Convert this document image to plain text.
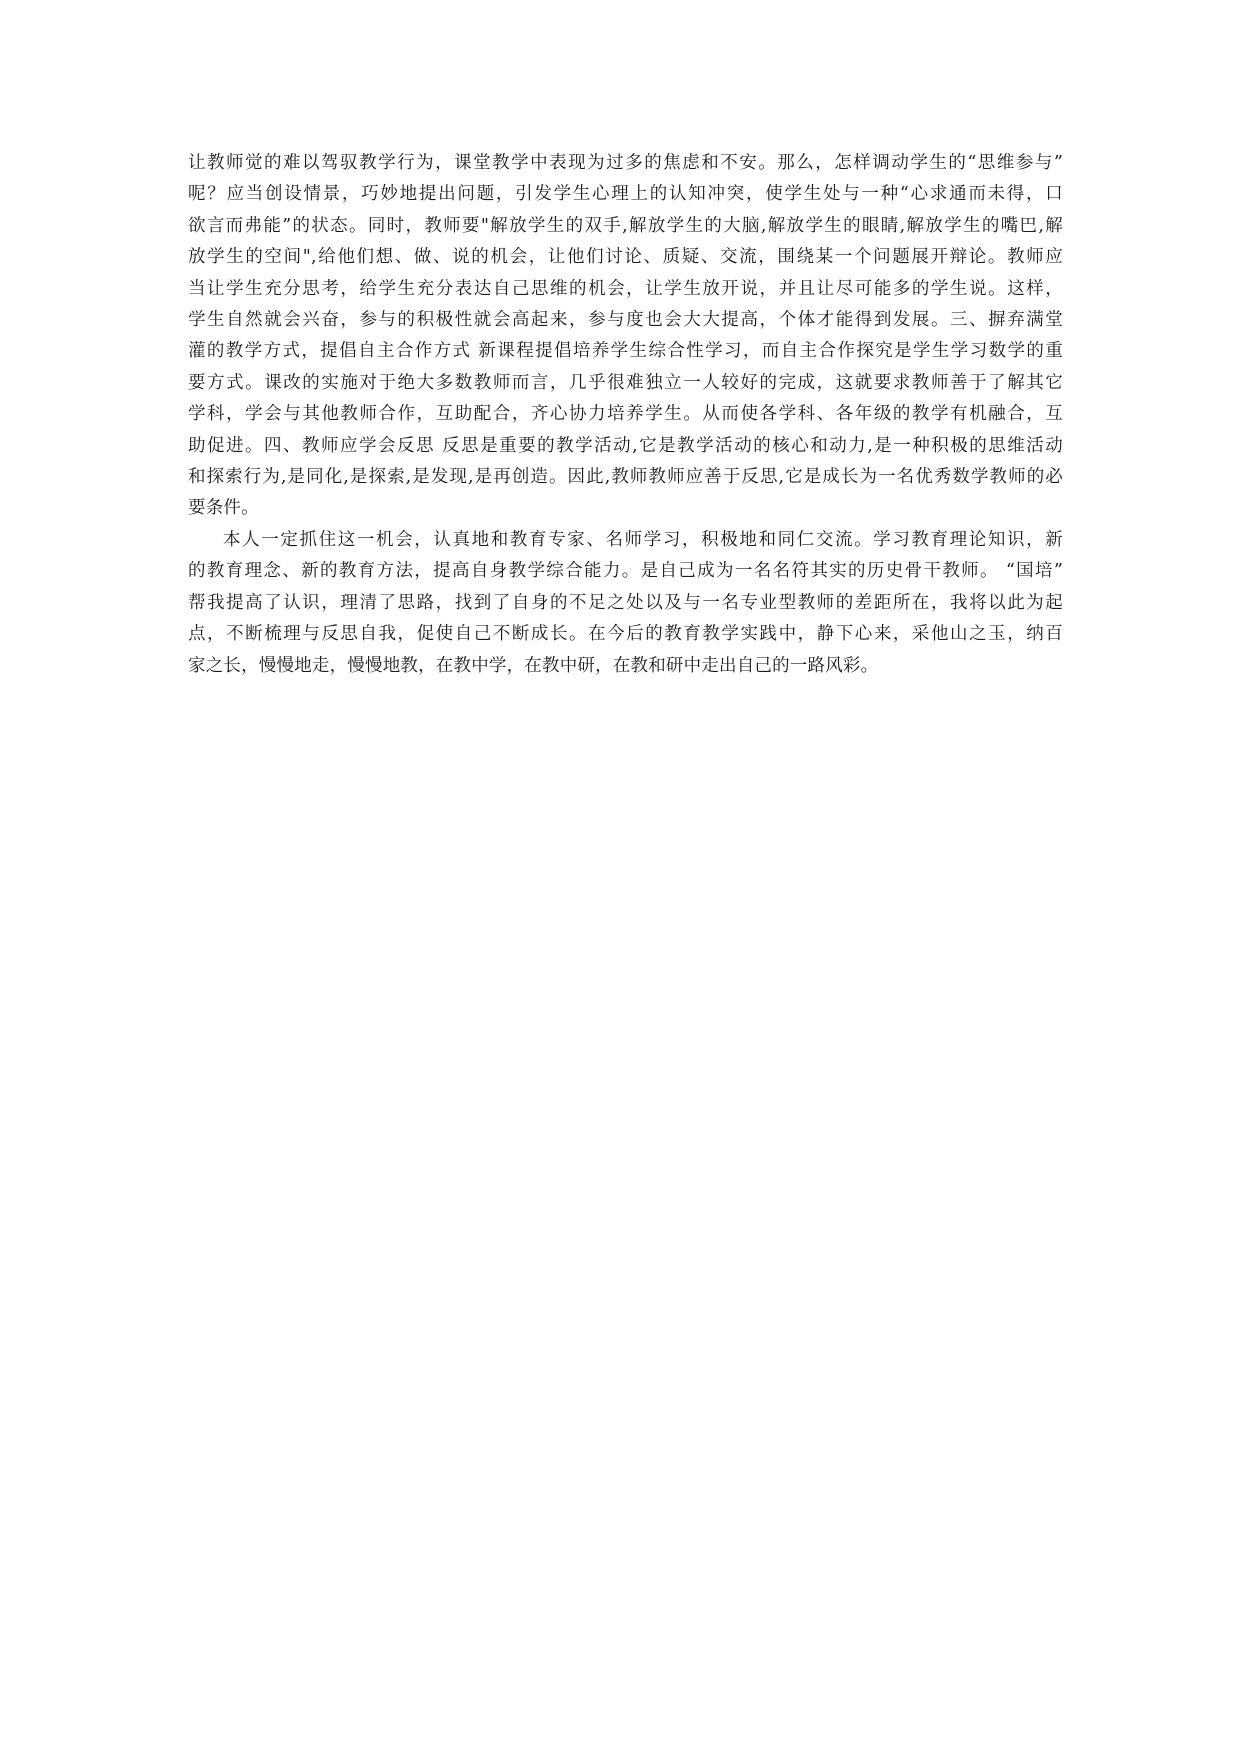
让教师觉的难以驾驭教学行为，课堂教学中表现为过多的焦虑和不安。那么，怎样调动学生的“思维参与”
呢？应当创设情景，巧妙地提出问题，引发学生心理上的认知冲突，使学生处与一种“心求通而未得，口
欲言而弗能”的状态。同时，教师要"解放学生的双手,解放学生的大脑,解放学生的眼睛,解放学生的嘴巴,解
放学生的空间",给他们想、做、说的机会，让他们讨论、质疑、交流，围绕某一个问题展开辩论。教师应
当让学生充分思考，给学生充分表达自己思维的机会，让学生放开说，并且让尽可能多的学生说。这样，
学生自然就会兴奋，参与的积极性就会高起来，参与度也会大大提高，个体才能得到发展。三、摒弃满堂
灌的教学方式，提倡自主合作方式 新课程提倡培养学生综合性学习，而自主合作探究是学生学习数学的重
要方式。课改的实施对于绝大多数教师而言，几乎很难独立一人较好的完成，这就要求教师善于了解其它
学科，学会与其他教师合作，互助配合，齐心协力培养学生。从而使各学科、各年级的教学有机融合，互
助促进。四、教师应学会反思 反思是重要的教学活动,它是教学活动的核心和动力,是一种积极的思维活动
和探索行为,是同化,是探索,是发现,是再创造。因此,教师教师应善于反思,它是成长为一名优秀数学教师的必
要条件。
本人一定抓住这一机会，认真地和教育专家、名师学习，积极地和同仁交流。学习教育理论知识，新
的教育理念、新的教育方法，提高自身教学综合能力。是自己成为一名名符其实的历史骨干教师。 “国培”
帮我提高了认识，理清了思路，找到了自身的不足之处以及与一名专业型教师的差距所在，我将以此为起
点，不断梳理与反思自我，促使自己不断成长。在今后的教育教学实践中，静下心来，采他山之玉，纳百
家之长，慢慢地走，慢慢地教，在教中学，在教中研，在教和研中走出自己的一路风彩。
